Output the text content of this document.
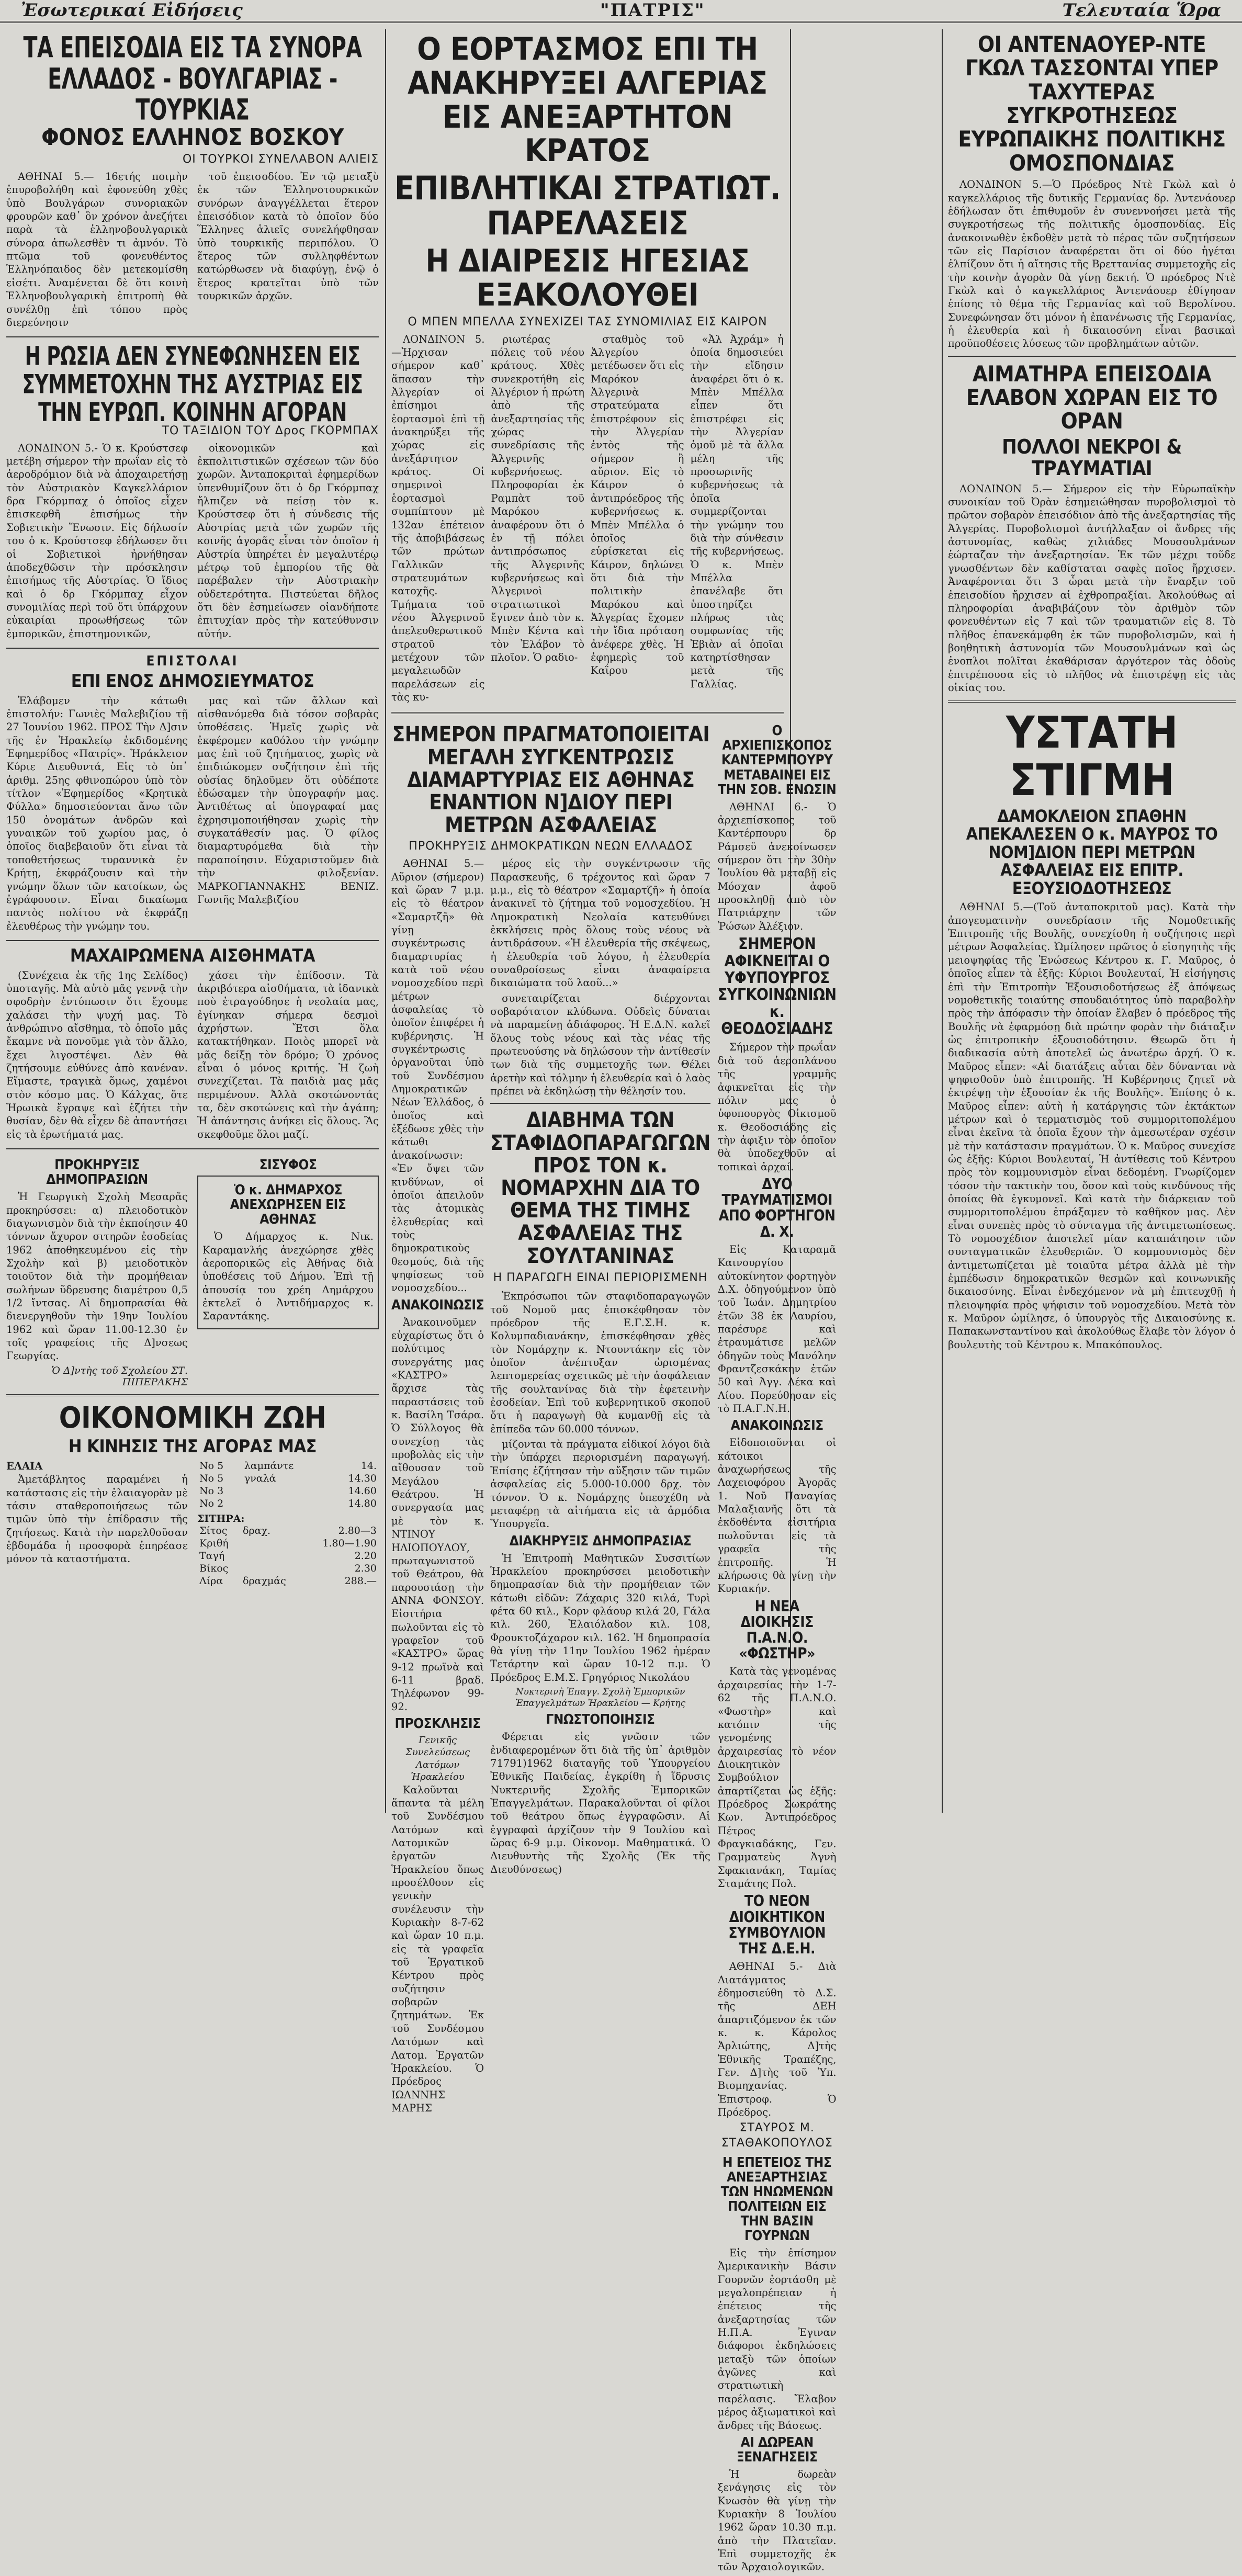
Ἐσωτερικαί Εἰδήσεις	"ΠΑΤΡΙΣ"	Τελευταία Ὥρα
ΤΑ ΕΠΕΙΣΟΔΙΑ ΕΙΣ ΤΑ ΣΥΝΟΡΑ ΕΛΛΑΔΟΣ - ΒΟΥΛΓΑΡΙΑΣ - ΤΟΥΡΚΙΑΣ
ΦΟΝΟΣ ΕΛΛΗΝΟΣ ΒΟΣΚΟΥ
ΟΙ ΤΟΥΡΚΟΙ ΣΥΝΕΛΑΒΟΝ ΑΛΙΕΙΣ

ΑΘΗΝΑΙ 5.— 16ετής ποιμὴν ἐπυροβολήθη καὶ ἐφονεύθη χθὲς ὑπὸ Βουλγάρων συνοριακῶν φρουρῶν καθ᾽ ὃν χρόνον ἀνεζήτει παρὰ τὰ ἑλληνοβουλγαρικὰ σύνορα ἀπωλεσθὲν τι ἀμνόν. Τὸ πτῶμα τοῦ φονευθέντος Ἑλληνόπαιδος δὲν μετεκομίσθη εἰσέτι. Ἀναμένεται δὲ ὅτι κοινὴ Ἑλληνοβουλγαρικὴ ἐπιτροπὴ θὰ συνέλθῃ ἐπὶ τόπου πρὸς διερεύνησιν

τοῦ ἐπεισοδίου. Ἐν τῷ μεταξὺ ἐκ τῶν Ἑλληνοτουρκικῶν συνόρων ἀναγγέλλεται ἕτερον ἐπεισόδιον κατὰ τὸ ὁποῖον δύο Ἕλληνες ἁλιεῖς συνελήφθησαν ὑπὸ τουρκικῆς περιπόλου. Ὁ ἕτερος τῶν συλληφθέντων κατώρθωσεν νὰ διαφύγῃ, ἐνῷ ὁ ἕτερος κρατεῖται ὑπὸ τῶν τουρκικῶν ἀρχῶν.

Η ΡΩΣΙΑ ΔΕΝ ΣΥΝΕΦΩΝΗΣΕΝ ΕΙΣ ΣΥΜΜΕΤΟΧΗΝ ΤΗΣ ΑΥΣΤΡΙΑΣ ΕΙΣ ΤΗΝ ΕΥΡΩΠ. ΚΟΙΝΗΝ ΑΓΟΡΑΝ
ΤΟ ΤΑΞΙΔΙΟΝ ΤΟΥ Δρος ΓΚΟΡΜΠΑΧ

ΛΟΝΔΙΝΟΝ 5.- Ὁ κ. Κρούστσεφ μετέβη σήμερον τὴν πρωΐαν εἰς τὸ ἀεροδρόμιον διὰ νὰ ἀποχαιρετήσῃ τὸν Αὐστριακὸν Καγκελλάριον δρα Γκόρμπαχ ὁ ὁποῖος εἶχεν ἐπισκεφθῆ ἐπισήμως τὴν Σοβιετικὴν Ἕνωσιν. Εἰς δήλωσίν του ὁ κ. Κρούστσεφ ἐδήλωσεν ὅτι οἱ Σοβιετικοὶ ἠρνήθησαν ἀποδεχθῶσιν τὴν πρόσκλησιν ἐπισήμως τῆς Αὐστρίας. Ὁ ἴδιος καὶ ὁ δρ Γκόρμπαχ εἶχον συνομιλίας περὶ τοῦ ὅτι ὑπάρχουν εὐκαιρίαι προωθήσεως τῶν ἐμπορικῶν, ἐπιστημονικῶν,

οἰκονομικῶν καὶ ἐκπολιτιστικῶν σχέσεων τῶν δύο χωρῶν. Ἀνταποκριταὶ ἐφημερίδων ὑπενθυμίζουν ὅτι ὁ δρ Γκόρμπαχ ἤλπιζεν νὰ πείσῃ τὸν κ. Κρούστσεφ ὅτι ἡ σύνδεσις τῆς Αὐστρίας μετὰ τῶν χωρῶν τῆς κοινῆς ἀγορᾶς εἶναι τὸν ὁποῖον ἡ Αὐστρία ὑπηρέτει ἐν μεγαλυτέρῳ μέτρῳ τοῦ ἐμπορίου τῆς θὰ παρέβαλεν τὴν Αὐστριακὴν οὐδετερότητα. Πιστεύεται δῆλος ὅτι δὲν ἐσημείωσεν οἱανδήποτε ἐπιτυχίαν πρὸς τὴν κατεύθυνσιν αὐτήν.

ΕΠΙΣΤΟΛΑΙ
ΕΠΙ ΕΝΟΣ ΔΗΜΟΣΙΕΥΜΑΤΟΣ

Ἐλάβομεν τὴν κάτωθι ἐπιστολήν: Γωνιὲς Μαλεβιζίου τῇ 27 Ἰουνίου 1962. ΠΡΟΣ Τὴν Δ]σιν τῆς ἐν Ἡρακλείῳ ἐκδιδομένης Ἐφημερίδος «Πατρίς». Ἡράκλειον Κύριε Διευθυντά, Εἰς τὸ ὑπ᾽ ἀριθμ. 25ης φθινοπώρου ὑπὸ τὸν τίτλον «Ἐφημερίδος «Κρητικὰ Φύλλα» δημοσιεύονται ἄνω τῶν 150 ὀνομάτων ἀνδρῶν καὶ γυναικῶν τοῦ χωρίου μας, ὁ ὁποῖος διαβεβαιοῦν ὅτι εἶναι τὰ τοποθετήσεως τυραννικὰ ἐν Κρήτῃ, ἐκφράζουσιν καὶ τὴν γνώμην ὅλων τῶν κατοίκων, ὡς ἐγράφουσιν. Εἶναι δικαίωμα παντὸς πολίτου νὰ ἐκφράζῃ ἐλευθέρως τὴν γνώμην του.

μας καὶ τῶν ἄλλων καὶ αἰσθανόμεθα διὰ τόσον σοβαρὰς ὑποθέσεις. Ἡμεῖς χωρὶς νὰ ἐκφέρομεν καθόλου τὴν γνώμην μας ἐπὶ τοῦ ζητήματος, χωρὶς νὰ ἐπιδιώκομεν συζήτησιν ἐπὶ τῆς οὐσίας δηλοῦμεν ὅτι οὐδέποτε ἐδώσαμεν τὴν ὑπογραφήν μας. Ἀντιθέτως αἱ ὑπογραφαί μας ἐχρησιμοποιήθησαν χωρὶς τὴν συγκατάθεσίν μας. Ὁ φίλος διαμαρτυρόμεθα διὰ τὴν παραποίησιν. Εὐχαριστοῦμεν διὰ τὴν φιλοξενίαν. ΜΑΡΚΟΓΙΑΝΝΑΚΗΣ ΒΕΝΙΖ. Γωνιῆς Μαλεβιζίου

ΜΑΧΑΙΡΩΜΕΝΑ ΑΙΣΘΗΜΑΤΑ

(Συνέχεια ἐκ τῆς 1ης Σελίδος) ὑποταγῆς. Μὰ αὐτὸ μᾶς γεννᾷ τὴν σφοδρὴν ἐντύπωσιν ὅτι ἔχουμε χαλάσει τὴν ψυχή μας. Τὸ ἀνθρώπινο αἴσθημα, τὸ ὁποῖο μᾶς ἔκαμνε νὰ πονοῦμε γιὰ τὸν ἄλλο, ἔχει λιγοστέψει. Δὲν θὰ ζητήσουμε εὐθύνες ἀπὸ κανέναν. Εἴμαστε, τραγικὰ ὅμως, χαμένοι στὸν κόσμο μας. Ὁ Κάλχας, ὅτε Ἡρωικὰ ἔγραψε καὶ ἐζήτει τὴν θυσίαν, δὲν θὰ εἶχεν δὲ ἀπαντήσει εἰς τὰ ἐρωτήματά μας.

χάσει τὴν ἐπίδοσιν. Τὰ ἀκριβότερα αἰσθήματα, τὰ ἰδανικὰ ποὺ ἐτραγούδησε ἡ νεολαία μας, ἐγίνηκαν σήμερα δεσμοὶ ἀχρήστων. Ἔτσι ὅλα κατακτήθηκαν. Ποιὸς μπορεῖ νὰ μᾶς δείξῃ τὸν δρόμο; Ὁ χρόνος εἶναι ὁ μόνος κριτής. Ἡ ζωὴ συνεχίζεται. Τὰ παιδιὰ μας μᾶς περιμένουν. Ἀλλὰ σκοτώνοντάς τα, δὲν σκοτώνεις καὶ τὴν ἀγάπη; Ἡ ἀπάντησις ἀνήκει εἰς ὅλους. Ἂς σκεφθοῦμε ὅλοι μαζί.

ΠΡΟΚΗΡΥΞΙΣ ΔΗΜΟΠΡΑΣΙΩΝ

Ἡ Γεωργικὴ Σχολὴ Μεσαρᾶς προκηρύσσει: α) πλειοδοτικὸν διαγωνισμὸν διὰ τὴν ἐκποίησιν 40 τόννων ἄχυρον σιτηρῶν ἐσοδείας 1962 ἀποθηκευμένου εἰς τὴν Σχολὴν καὶ β) μειοδοτικὸν τοιοῦτον διὰ τὴν προμήθειαν σωλήνων ὕδρευσης διαμέτρου 0,5 1/2 ἴντσας. Αἱ δημοπρασίαι θὰ διενεργηθοῦν τὴν 19ην Ἰουλίου 1962 καὶ ὥραν 11.00-12.30 ἐν τοῖς γραφείοις τῆς Δ]νσεως Γεωργίας.

Ὁ Δ]ντὴς τοῦ Σχολείου ΣΤ. ΠΙΠΕΡΑΚΗΣ
ΣΙΣΥΦΟΣ
Ὁ κ. ΔΗΜΑΡΧΟΣ ΑΝΕΧΩΡΗΣΕΝ ΕΙΣ ΑΘΗΝΑΣ

Ὁ Δήμαρχος κ. Νικ. Καραμανλής ἀνεχώρησε χθὲς ἀεροπορικῶς εἰς Ἀθήνας διὰ ὑποθέσεις τοῦ Δήμου. Ἐπὶ τῇ ἀπουσίᾳ του χρέη Δημάρχου ἐκτελεῖ ὁ Ἀντιδήμαρχος κ. Σαραντάκης.

ΟΙΚΟΝΟΜΙΚΗ ΖΩΗ
Η ΚΙΝΗΣΙΣ ΤΗΣ ΑΓΟΡΑΣ ΜΑΣ
ΕΛΑΙΑ

Ἀμετάβλητος παραμένει ἡ κατάστασις εἰς τὴν ἐλαιαγορὰν μὲ τάσιν σταθεροποιήσεως τῶν τιμῶν ὑπὸ τὴν ἐπίδρασιν τῆς ζητήσεως. Κατὰ τὴν παρελθοῦσαν ἑβδομάδα ἡ προσφορὰ ἐπηρέασε μόνον τὰ καταστήματα.

Νο 5	λαμπάντε	14.
Νο 5	γναλά	14.30
Νο 3		14.60
Νο 2		14.80
ΣΙΤΗΡΑ:
Σίτος	δραχ.	2.80—3
Κριθή		1.80—1.90
Ταγή		2.20
Βίκος		2.30
Λίρα	δραχμάς	288.—
Ο ΕΟΡΤΑΣΜΟΣ ΕΠΙ ΤΗ ΑΝΑΚΗΡΥΞΕΙ ΑΛΓΕΡΙΑΣ ΕΙΣ ΑΝΕΞΑΡΤΗΤΟΝ ΚΡΑΤΟΣ
ΕΠΙΒΛΗΤΙΚΑΙ ΣΤΡΑΤΙΩΤ. ΠΑΡΕΛΑΣΕΙΣ
Η ΔΙΑΙΡΕΣΙΣ ΗΓΕΣΙΑΣ ΕΞΑΚΟΛΟΥΘΕΙ
Ο ΜΠΕΝ ΜΠΕΛΛΑ ΣΥΝΕΧΙΖΕΙ ΤΑΣ ΣΥΝΟΜΙΛΙΑΣ ΕΙΣ ΚΑΙΡΟΝ

ΛΟΝΔΙΝΟΝ 5.—Ἠρχισαν σήμερον καθ᾽ ἅπασαν τὴν Ἀλγερίαν οἱ ἐπίσημοι ἑορτασμοὶ ἐπὶ τῇ ἀνακηρύξει τῆς χώρας εἰς ἀνεξάρτητον κράτος. Οἱ σημερινοὶ ἑορτασμοὶ συμπίπτουν μὲ 132αν ἐπέτειον τῆς ἀποβιβάσεως τῶν πρώτων Γαλλικῶν στρατευμάτων κατοχῆς. Τμήματα τοῦ νέου Ἀλγερινοῦ ἀπελευθερωτικοῦ στρατοῦ μετέχουν τῶν μεγαλειωδῶν παρελάσεων εἰς τὰς κυ-

ριωτέρας πόλεις τοῦ νέου κράτους. Χθὲς συνεκροτήθη εἰς Ἀλγέριον ἡ πρώτη ἀπὸ τῆς ἀνεξαρτησίας τῆς χώρας συνεδρίασις τῆς Ἀλγερινῆς κυβερνήσεως. Πληροφορίαι ἐκ Ραμπὰτ τοῦ Μαρόκου ἀναφέρουν ὅτι ὁ ἐν τῇ πόλει ἀντιπρόσωπος τῆς Ἀλγερινῆς κυβερνήσεως καὶ Ἀλγερινοὶ στρατιωτικοὶ ἔγινεν ἀπὸ τὸν κ. Μπὲν Κέντα καὶ τὸν Ἐλάβον τὸ πλοῖον. Ὁ ραδιο-

σταθμὸς τοῦ Ἀλγερίου μετέδωσεν ὅτι εἰς Μαρόκον Ἀλγερινὰ στρατεύματα ἐπιστρέφουν εἰς τὴν Ἀλγερίαν ἐντὸς τῆς σήμερον ἢ αὔριον. Εἰς τὸ Κάιρον ὁ ἀντιπρόεδρος τῆς κυβερνήσεως κ. Μπὲν Μπέλλα ὁ ὁποῖος εὑρίσκεται εἰς Κάιρον, δηλώνει ὅτι διὰ τὴν πολιτικὴν Μαρόκου καὶ Ἀλγερίας ἔχομεν τὴν ἴδια πρόταση ἀνέφερε χθὲς. Ἡ ἐφημερὶς τοῦ Καΐρου

«Ἀλ Ἀχράμ» ἡ ὁποία δημοσιεύει τὴν εἴδησιν ἀναφέρει ὅτι ὁ κ. Μπὲν Μπέλλα εἶπεν ὅτι ἐπιστρέφει εἰς τὴν Ἀλγερίαν ὁμοῦ μὲ τὰ ἄλλα μέλη τῆς προσωρινῆς κυβερνήσεως τὰ ὁποῖα συμμερίζονται τὴν γνώμην του διὰ τὴν σύνθεσιν τῆς κυβερνήσεως. Ὁ κ. Μπὲν Μπέλλα ἐπανέλαβε ὅτι ὑποστηρίζει πλήρως τὰς συμφωνίας τῆς Ἐβιὰν αἱ ὁποῖαι κατηρτίσθησαν μετὰ τῆς Γαλλίας.

ΣΗΜΕΡΟΝ ΠΡΑΓΜΑΤΟΠΟΙΕΙΤΑΙ ΜΕΓΑΛΗ ΣΥΓΚΕΝΤΡΩΣΙΣ ΔΙΑΜΑΡΤΥΡΙΑΣ ΕΙΣ ΑΘΗΝΑΣ ΕΝΑΝΤΙΟΝ Ν]ΔΙΟΥ ΠΕΡΙ ΜΕΤΡΩΝ ΑΣΦΑΛΕΙΑΣ
ΠΡΟΚΗΡΥΞΙΣ ΔΗΜΟΚΡΑΤΙΚΩΝ ΝΕΩΝ ΕΛΛΑΔΟΣ

ΑΘΗΝΑΙ 5.—Αὔριον (σήμερον) καὶ ὥραν 7 μ.μ. εἰς τὸ θέατρον «Σαμαρτζῆ» θὰ γίνῃ συγκέντρωσις διαμαρτυρίας κατὰ τοῦ νέου νομοσχεδίου περὶ μέτρων ἀσφαλείας τὸ ὁποῖον ἐπιφέρει ἡ κυβέρνησις. Ἡ συγκέντρωσις ὀργανοῦται ὑπὸ τοῦ Συνδέσμου Δημοκρατικῶν Νέων Ἑλλάδος, ὁ ὁποῖος καὶ ἐξέδωσε χθὲς τὴν κάτωθι ἀνακοίνωσιν: «Ἐν ὄψει τῶν κινδύνων, οἱ ὁποῖοι ἀπειλοῦν τὰς ἀτομικὰς ἐλευθερίας καὶ τοὺς δημοκρατικοὺς θεσμούς, διὰ τῆς ψηφίσεως τοῦ νομοσχεδίου...

ΑΝΑΚΟΙΝΩΣΙΣ

Ἀνακοινοῦμεν εὐχαρίστως ὅτι ὁ πολύτιμος συνεργάτης μας «ΚΑΣΤΡΟ» ἄρχισε τὰς παραστάσεις τοῦ κ. Βασίλη Τσάρα. Ὁ Σύλλογος θὰ συνεχίσῃ τὰς προβολὰς εἰς τὴν αἴθουσαν τοῦ Μεγάλου Θεάτρου. Ἡ συνεργασία μας μὲ τὸν κ. ΝΤΙΝΟΥ ΗΛΙΟΠΟΥΛΟΥ, πρωταγωνιστοῦ τοῦ Θεάτρου, θὰ παρουσιάσῃ τὴν ΑΝΝΑ ΦΟΝΣΟΥ. Εἰσιτήρια πωλοῦνται εἰς τὸ γραφεῖον τοῦ «ΚΑΣΤΡΟ» ὥρας 9-12 πρωϊνὰ καὶ 6-11 βραδ. Τηλέφωνον 99-92.

ΠΡΟΣΚΛΗΣΙΣ
Γενικῆς Συνελεύσεως Λατόμων Ἡρακλείου

Καλοῦνται ἅπαντα τὰ μέλη τοῦ Συνδέσμου Λατόμων καὶ Λατομικῶν ἐργατῶν Ἡρακλείου ὅπως προσέλθουν εἰς γενικὴν συνέλευσιν τὴν Κυριακὴν 8-7-62 καὶ ὥραν 10 π.μ. εἰς τὰ γραφεῖα τοῦ Ἐργατικοῦ Κέντρου πρὸς συζήτησιν σοβαρῶν ζητημάτων. Ἐκ τοῦ Συνδέσμου Λατόμων καὶ Λατομ. Ἐργατῶν Ἡρακλείου. Ὁ Πρόεδρος ΙΩΑΝΝΗΣ ΜΑΡΗΣ

μέρος εἰς τὴν συγκέντρωσιν τῆς Παρασκευῆς, 6 τρέχοντος καὶ ὥραν 7 μ.μ., εἰς τὸ θέατρον «Σαμαρτζῆ» ἡ ὁποία ἀνακινεῖ τὸ ζήτημα τοῦ νομοσχεδίου. Ἡ Δημοκρατικὴ Νεολαία κατευθύνει ἐκκλήσεις πρὸς ὅλους τοὺς νέους νὰ ἀντιδράσουν. «Ἡ ἐλευθερία τῆς σκέψεως, ἡ ἐλευθερία τοῦ λόγου, ἡ ἐλευθερία συναθροίσεως εἶναι ἀναφαίρετα δικαιώματα τοῦ λαοῦ...»

συνεταιρίζεται διέρχονται σοβαρότατον κλύδωνα. Οὐδεὶς δύναται νὰ παραμείνῃ ἀδιάφορος. Ἡ Ε.Δ.Ν. καλεῖ ὅλους τοὺς νέους καὶ τὰς νέας τῆς πρωτευούσης νὰ δηλώσουν τὴν ἀντίθεσίν των διὰ τῆς συμμετοχῆς των. Θέλει ἀρετὴν καὶ τόλμην ἡ ἐλευθερία καὶ ὁ λαὸς πρέπει νὰ ἐκδηλώσῃ τὴν θέλησίν του.

ΔΙΑΒΗΜΑ ΤΩΝ ΣΤΑΦΙΔΟΠΑΡΑΓΩΓΩΝ ΠΡΟΣ ΤΟΝ κ. ΝΟΜΑΡΧΗΝ ΔΙΑ ΤΟ ΘΕΜΑ ΤΗΣ ΤΙΜΗΣ ΑΣΦΑΛΕΙΑΣ ΤΗΣ ΣΟΥΛΤΑΝΙΝΑΣ
Η ΠΑΡΑΓΩΓΗ ΕΙΝΑΙ ΠΕΡΙΟΡΙΣΜΕΝΗ

Ἐκπρόσωποι τῶν σταφιδοπαραγωγῶν τοῦ Νομοῦ μας ἐπισκέφθησαν τὸν πρόεδρον τῆς Ε.Γ.Σ.Η. κ. Κολυμπαδιανάκην, ἐπισκέφθησαν χθὲς τὸν Νομάρχην κ. Ντουντάκην εἰς τὸν ὁποῖον ἀνέπτυξαν ὡρισμένας λεπτομερείας σχετικῶς μὲ τὴν ἀσφάλειαν τῆς σουλτανίνας διὰ τὴν ἐφετεινὴν ἐσοδείαν. Ἐπὶ τοῦ κυβερνητικοῦ σκοποῦ ὅτι ἡ παραγωγὴ θὰ κυμανθῇ εἰς τὰ ἐπίπεδα τῶν 60.000 τόννων.

μίζονται τὰ πράγματα εἰδικοί λόγοι διὰ τὴν ὑπάρχει περιορισμένη παραγωγή. Ἐπίσης ἐζήτησαν τὴν αὔξησιν τῶν τιμῶν ἀσφαλείας εἰς 5.000-10.000 δρχ. τὸν τόννον. Ὁ κ. Νομάρχης ὑπεσχέθη νὰ μεταφέρῃ τὰ αἰτήματα εἰς τὰ ἁρμόδια Ὑπουργεῖα.

ΔΙΑΚΗΡΥΞΙΣ ΔΗΜΟΠΡΑΣΙΑΣ

Ἡ Ἐπιτροπὴ Μαθητικῶν Συσσιτίων Ἡρακλείου προκηρύσσει μειοδοτικὴν δημοπρασίαν διὰ τὴν προμήθειαν τῶν κάτωθι εἰδῶν: Ζάχαρις 320 κιλά, Τυρὶ φέτα 60 κιλ., Κορν φλάουρ κιλά 20, Γάλα κιλ. 260, Ἐλαιόλαδον κιλ. 108, Φρουκτοζάχαρον κιλ. 162. Ἡ δημοπρασία θὰ γίνῃ τὴν 11ην Ἰουλίου 1962 ἡμέραν Τετάρτην καὶ ὥραν 10-12 π.μ. Ὁ Πρόεδρος Ε.Μ.Σ. Γρηγόριος Νικολάου

Νυκτερινὴ Ἐπαγγ. Σχολὴ Ἐμπορικῶν Ἐπαγγελμάτων Ἡρακλείου — Κρήτης
ΓΝΩΣΤΟΠΟΙΗΣΙΣ

Φέρεται εἰς γνῶσιν τῶν ἐνδιαφερομένων ὅτι διὰ τῆς ὑπ᾽ ἀριθμὸν 71791)1962 διαταγῆς τοῦ Ὑπουργείου Ἐθνικῆς Παιδείας, ἐγκρίθη ἡ ἵδρυσις Νυκτερινῆς Σχολῆς Ἐμπορικῶν Ἐπαγγελμάτων. Παρακαλοῦνται οἱ φίλοι τοῦ θεάτρου ὅπως ἐγγραφῶσιν. Αἱ ἐγγραφαὶ ἀρχίζουν τὴν 9 Ἰουλίου καὶ ὥρας 6-9 μ.μ. Οἰκονομ. Μαθηματικά. Ὁ Διευθυντὴς τῆς Σχολῆς (Ἐκ τῆς Διευθύνσεως)

Ο ΑΡΧΙΕΠΙΣΚΟΠΟΣ ΚΑΝΤΕΡΜΠΟΥΡΥ ΜΕΤΑΒΑΙΝΕΙ ΕΙΣ ΤΗΝ ΣΟΒ. ΕΝΩΣΙΝ

ΑΘΗΝΑΙ 6.- Ὁ ἀρχιεπίσκοπος τοῦ Καντέρπουρυ δρ Ράμσεϋ ἀνεκοίνωσεν σήμερον ὅτι τὴν 30ὴν Ἰουλίου θὰ μεταβῇ εἰς Μόσχαν ἀφοῦ προσκληθῇ ἀπὸ τὸν Πατριάρχην τῶν Ῥώσων Ἀλέξιον.

ΣΗΜΕΡΟΝ ΑΦΙΚΝΕΙΤΑΙ Ο ΥΦΥΠΟΥΡΓΟΣ ΣΥΓΚΟΙΝΩΝΙΩΝ κ. ΘΕΟΔΟΣΙΑΔΗΣ

Σήμερον τὴν πρωΐαν διὰ τοῦ ἀεροπλάνου τῆς γραμμῆς ἀφικνεῖται εἰς τὴν πόλιν μας ὁ ὑφυπουργὸς Οἰκισμοῦ κ. Θεοδοσιάδης εἰς τὴν ἀφιξιν τὸν ὁποῖον θὰ ὑποδεχθοῦν αἱ τοπικαὶ ἀρχαί.

ΔΥΟ ΤΡΑΥΜΑΤΙΣΜΟΙ ΑΠΟ ΦΟΡΤΗΓΟΝ Δ. Χ.

Εἰς Καταραμᾶ Καινουργίου αὐτοκίνητον φορτηγὸν Δ.Χ. ὁδηγούμενον ὑπὸ τοῦ Ἰωάν. Δημητρίου ἐτῶν 38 ἐκ Λαυρίου, παρέσυρε καὶ ἐτραυμάτισε μελῶν ὁδηγῶν τοὺς Μανόλην Φραντζεσκάκην ἐτῶν 50 καὶ Ἀγγ. Δέκα καὶ Λίου. Πορεύθησαν εἰς τὸ Π.Α.Γ.Ν.Η.

ΑΝΑΚΟΙΝΩΣΙΣ

Εἰδοποιοῦνται οἱ κάτοικοι ἀναχωρήσεως τῆς Λαχειοφόρου Ἀγορᾶς 1. Νοῦ Παναγίας Μαλαξιανῆς ὅτι τὰ ἐκδοθέντα εἰσιτήρια πωλοῦνται εἰς τὰ γραφεῖα τῆς ἐπιτροπῆς. Ἡ κλήρωσις θὰ γίνῃ τὴν Κυριακήν.

Η ΝΕΑ ΔΙΟΙΚΗΣΙΣ Π.Α.Ν.Ο. «ΦΩΣΤΗΡ»

Κατὰ τὰς γενομένας ἀρχαιρεσίας τὴν 1-7-62 τῆς Π.Α.Ν.Ο. «Φωστὴρ» καὶ κατόπιν τῆς γενομένης ἀρχαιρεσίας τὸ νέον Διοικητικὸν Συμβούλιον ἀπαρτίζεται ὡς ἑξῆς: Πρόεδρος Σωκράτης Κων. Ἀντιπρόεδρος Πέτρος Φραγκιαδάκης, Γεν. Γραμματεὺς Ἀγνὴ Σφακιανάκη, Ταμίας Σταμάτης Πολ.

ΤΟ ΝΕΟΝ ΔΙΟΙΚΗΤΙΚΟΝ ΣΥΜΒΟΥΛΙΟΝ ΤΗΣ Δ.Ε.Η.

ΑΘΗΝΑΙ 5.- Διὰ Διατάγματος ἐδημοσιεύθη τὸ Δ.Σ. τῆς ΔΕΗ ἀπαρτιζόμενον ἐκ τῶν κ. κ. Κάρολος Ἀρλιώτης, Δ]τὴς Ἐθνικῆς Τραπέζης, Γεν. Δ]τὴς τοῦ Ὑπ. Βιομηχανίας. Ἐπιστροφ. Ὁ Πρόεδρος.

ΣΤΑΥΡΟΣ Μ. ΣΤΑΘΑΚΟΠΟΥΛΟΣ
Η ΕΠΕΤΕΙΟΣ ΤΗΣ ΑΝΕΞΑΡΤΗΣΙΑΣ ΤΩΝ ΗΝΩΜΕΝΩΝ ΠΟΛΙΤΕΙΩΝ ΕΙΣ ΤΗΝ ΒΑΣΙΝ ΓΟΥΡΝΩΝ

Εἰς τὴν ἐπίσημον Ἀμερικανικὴν Βάσιν Γουρνῶν ἑορτάσθη μὲ μεγαλοπρέπειαν ἡ ἐπέτειος τῆς ἀνεξαρτησίας τῶν Η.Π.Α. Ἐγιναν διάφοροι ἐκδηλώσεις μεταξὺ τῶν ὁποίων ἀγῶνες καὶ στρατιωτικὴ παρέλασις. Ἔλαβον μέρος ἀξιωματικοὶ καὶ ἄνδρες τῆς Βάσεως.

ΑΙ ΔΩΡΕΑΝ ΞΕΝΑΓΗΣΕΙΣ

Ἡ δωρεὰν ξενάγησις εἰς τὸν Κνωσὸν θὰ γίνῃ τὴν Κυριακὴν 8 Ἰουλίου 1962 ὥραν 10.30 π.μ. ἀπὸ τὴν Πλατεῖαν. Ἐπὶ συμμετοχῆς ἐκ τῶν Ἀρχαιολογικῶν.

ΟΙ ΑΝΤΕΝΑΟΥΕΡ-ΝΤΕ ΓΚΩΛ ΤΑΣΣΟΝΤΑΙ ΥΠΕΡ ΤΑΧΥΤΕΡΑΣ ΣΥΓΚΡΟΤΗΣΕΩΣ ΕΥΡΩΠΑΙΚΗΣ ΠΟΛΙΤΙΚΗΣ ΟΜΟΣΠΟΝΔΙΑΣ

ΛΟΝΔΙΝΟΝ 5.—Ὁ Πρόεδρος Ντὲ Γκὼλ καὶ ὁ καγκελλάριος τῆς δυτικῆς Γερμανίας δρ. Ἀντενάουερ ἐδήλωσαν ὅτι ἐπιθυμοῦν ἐν συνεννοήσει μετὰ τῆς συγκροτήσεως τῆς πολιτικῆς ὁμοσπονδίας. Εἰς ἀνακοινωθὲν ἐκδοθὲν μετὰ τὸ πέρας τῶν συζητήσεων τῶν εἰς Παρίσιον ἀναφέρεται ὅτι οἱ δύο ἡγέται ἐλπίζουν ὅτι ἡ αἴτησις τῆς Βρεττανίας συμμετοχῆς εἰς τὴν κοινὴν ἀγορὰν θὰ γίνῃ δεκτή. Ὁ πρόεδρος Ντὲ Γκὼλ καὶ ὁ καγκελλάριος Ἀντενάουερ ἐθίγησαν ἐπίσης τὸ θέμα τῆς Γερμανίας καὶ τοῦ Βερολίνου. Συνεφώνησαν ὅτι μόνον ἡ ἐπανένωσις τῆς Γερμανίας, ἡ ἐλευθερία καὶ ἡ δικαιοσύνη εἶναι βασικαὶ προϋποθέσεις λύσεως τῶν προβλημάτων αὐτῶν.

ΑΙΜΑΤΗΡΑ ΕΠΕΙΣΟΔΙΑ ΕΛΑΒΟΝ ΧΩΡΑΝ ΕΙΣ ΤΟ ΟΡΑΝ
ΠΟΛΛΟΙ ΝΕΚΡΟΙ & ΤΡΑΥΜΑΤΙΑΙ

ΛΟΝΔΙΝΟΝ 5.— Σήμερον εἰς τὴν Εὐρωπαϊκὴν συνοικίαν τοῦ Ὀρὰν ἐσημειώθησαν πυροβολισμοὶ τὸ πρῶτον σοβαρὸν ἐπεισόδιον ἀπὸ τῆς ἀνεξαρτησίας τῆς Ἀλγερίας. Πυροβολισμοὶ ἀντήλλαξαν οἱ ἄνδρες τῆς ἀστυνομίας, καθὼς χιλιάδες Μουσουλμάνων ἑώρταζαν τὴν ἀνεξαρτησίαν. Ἐκ τῶν μέχρι τοῦδε γνωσθέντων δὲν καθίσταται σαφὲς ποῖος ἤρχισεν. Ἀναφέρονται ὅτι 3 ὧραι μετὰ τὴν ἔναρξιν τοῦ ἐπεισοδίου ἤρχισεν αἱ ἐχθροπραξίαι. Ἀκολούθως αἱ πληροφορίαι ἀναβιβάζουν τὸν ἀριθμὸν τῶν φονευθέντων εἰς 7 καὶ τῶν τραυματιῶν εἰς 8. Τὸ πλῆθος ἐπανεκάμφθη ἐκ τῶν πυροβολισμῶν, καὶ ἡ βοηθητικὴ ἀστυνομία τῶν Μουσουλμάνων καὶ ὡς ἐνοπλοι πολῖται ἐκαθάρισαν ἀργότερον τὰς ὁδοὺς ἐπιτρέπουσα εἰς τὸ πλῆθος νὰ ἐπιστρέψῃ εἰς τὰς οἰκίας του.

ΥΣΤΑΤΗ ΣΤΙΓΜΗ
ΔΑΜΟΚΛΕΙΟΝ ΣΠΑΘΗΝ ΑΠΕΚΑΛΕΣΕΝ Ο κ. ΜΑΥΡΟΣ ΤΟ ΝΟΜ]ΔΙΟΝ ΠΕΡΙ ΜΕΤΡΩΝ ΑΣΦΑΛΕΙΑΣ ΕΙΣ ΕΠΙΤΡ. ΕΞΟΥΣΙΟΔΟΤΗΣΕΩΣ

ΑΘΗΝΑΙ 5.—(Τοῦ ἀνταποκριτοῦ μας). Κατὰ τὴν ἀπογευματινὴν συνεδρίασιν τῆς Νομοθετικῆς Ἐπιτροπῆς τῆς Βουλῆς, συνεχίσθη ἡ συζήτησις περὶ μέτρων Ἀσφαλείας. Ὡμίλησεν πρῶτος ὁ εἰσηγητὴς τῆς μειοψηφίας τῆς Ἑνώσεως Κέντρου κ. Γ. Μαῦρος, ὁ ὁποῖος εἶπεν τὰ ἑξῆς: Κύριοι Βουλευταί, Ἡ εἰσήγησις ἐπὶ τὴν Ἐπιτροπὴν Ἐξουσιοδοτήσεως ἐξ ἀπόψεως νομοθετικῆς τοιαύτης σπουδαιότητος ὑπὸ παραβολὴν πρὸς τὴν ἀπόφασιν τὴν ὁποίαν ἔλαβεν ὁ πρόεδρος τῆς Βουλῆς νὰ ἐφαρμόσῃ διὰ πρώτην φορὰν τὴν διάταξιν ὡς ἐπιτροπικὴν ἐξουσιοδότησιν. Θεωρῶ ὅτι ἡ διαδικασία αὐτὴ ἀποτελεῖ ὡς ἀνωτέρω ἀρχή. Ὁ κ. Μαῦρος εἶπεν: «Αἱ διατάξεις αὗται δὲν δύνανται νὰ ψηφισθοῦν ὑπὸ ἐπιτροπῆς. Ἡ Κυβέρνησις ζητεῖ νὰ ἐκτρέψῃ τὴν ἐξουσίαν ἐκ τῆς Βουλῆς». Ἐπίσης ὁ κ. Μαῦρος εἶπεν: αὐτὴ ἡ κατάργησις τῶν ἐκτάκτων μέτρων καὶ ὁ τερματισμὸς τοῦ συμμοριτοπολέμου εἶναι ἐκεῖνα τὰ ὁποῖα ἔχουν τὴν ἀμεσωτέραν σχέσιν μὲ τὴν κατάστασιν πραγμάτων. Ὁ κ. Μαῦρος συνεχίσε ὡς ἑξῆς: Κύριοι Βουλευταί, Ἡ ἀντίθεσις τοῦ Κέντρου πρὸς τὸν κομμουνισμὸν εἶναι δεδομένη. Γνωρίζομεν τόσον τὴν τακτικὴν του, ὅσον καὶ τοὺς κινδύνους τῆς ὁποίας θὰ ἐγκυμονεῖ. Καὶ κατὰ τὴν διάρκειαν τοῦ συμμοριτοπολέμου ἐπράξαμεν τὸ καθῆκον μας. Δὲν εἶναι συνεπὲς πρὸς τὸ σύνταγμα τῆς ἀντιμετωπίσεως. Τὸ νομοσχέδιον ἀποτελεῖ μίαν καταπάτησιν τῶν συνταγματικῶν ἐλευθεριῶν. Ὁ κομμουνισμὸς δὲν ἀντιμετωπίζεται μὲ τοιαῦτα μέτρα ἀλλὰ μὲ τὴν ἐμπέδωσιν δημοκρατικῶν θεσμῶν καὶ κοινωνικῆς δικαιοσύνης. Εἶναι ἐνδεχόμενον νὰ μὴ ἐπιτευχθῇ ἡ πλειοψηφία πρὸς ψήφισιν τοῦ νομοσχεδίου. Μετὰ τὸν κ. Μαῦρον ὡμίλησε, ὁ ὑπουργὸς τῆς Δικαιοσύνης κ. Παπακωνσταντίνου καὶ ἀκολούθως ἔλαβε τὸν λόγον ὁ βουλευτὴς τοῦ Κέντρου κ. Μπακόπουλος.
